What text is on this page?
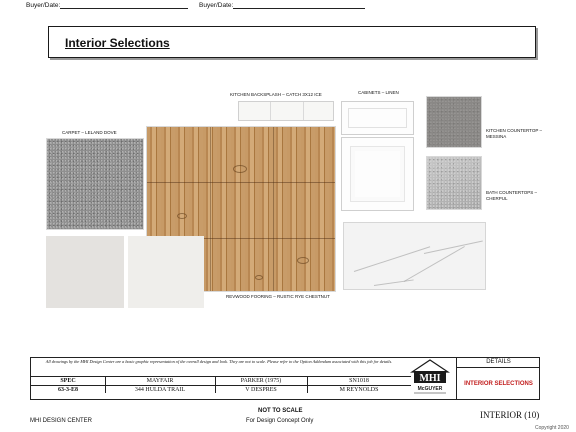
Buyer/Date:	Buyer/Date:
Interior Selections
KITCHEN BACKSPLASH – CATCH 3X12 ICE	CABINETS – LINEN
KITCHEN COUNTERTOP – MESSINA
BATH COUNTERTOPS – CHERPUL
CARPET – LELAND DOVE
REVWOOD FOORING – RUSTIC RYE CHESTNUT
All drawings by the MHI Design Center are a basic graphic representation of the overall design and look. They are not to scale. Please refer to the Option Addendum associated with this job for details.
SPEC	MAYFAIR	PARKER (1975)	SN1018
63-3-E8	344 HULDA TRAIL	V DESPRES	M REYNOLDS
MHI
McGUYER
DETAILS
INTERIOR SELECTIONS
MHI DESIGN CENTER
NOT TO SCALE
For Design Concept Only
INTERIOR (10)
Copyright 2020
